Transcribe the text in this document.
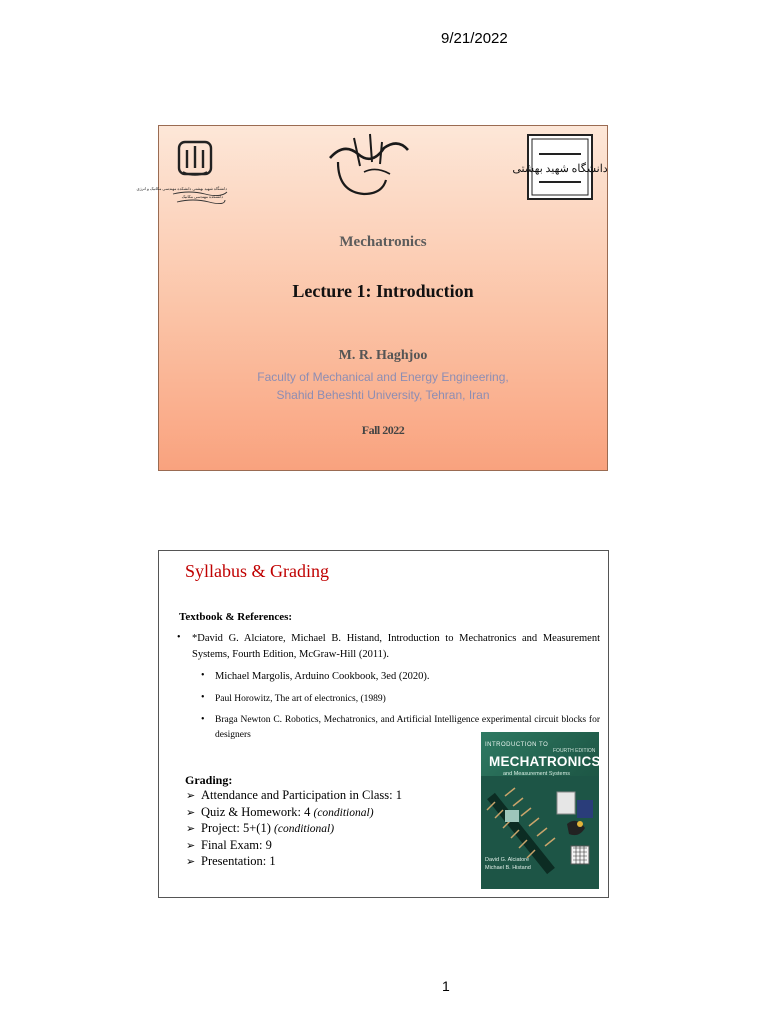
9/21/2022
دانشگاه شهید بهشتی دانشکده مهندسی مکانیک و انرژی
دانشکده مهندسی مکانیک
بسم الله الرحمن الرحیم
دانشگاه شهید بهشتی
Mechatronics
Lecture 1: Introduction
M. R. Haghjoo
Faculty of Mechanical and Energy Engineering,
Shahid Beheshti University, Tehran, Iran
Fall 2022
Syllabus & Grading
Textbook & References:
• *David G. Alciatore, Michael B. Histand, Introduction to Mechatronics and Measurement Systems, Fourth Edition, McGraw-Hill (2011).
• Michael Margolis, Arduino Cookbook, 3ed (2020).
• Paul Horowitz, The art of electronics, (1989)
• Braga Newton C. Robotics, Mechatronics, and Artificial Intelligence experimental circuit blocks for designers
Grading:
➢ Attendance and Participation in Class: 1
➢ Quiz & Homework: 4 (conditional)
➢ Project: 5+(1) (conditional)
➢ Final Exam: 9
➢ Presentation: 1
INTRODUCTION TO
FOURTH EDITION
MECHATRONICS
and Measurement Systems
David G. Alciatore
Michael B. Histand
1
